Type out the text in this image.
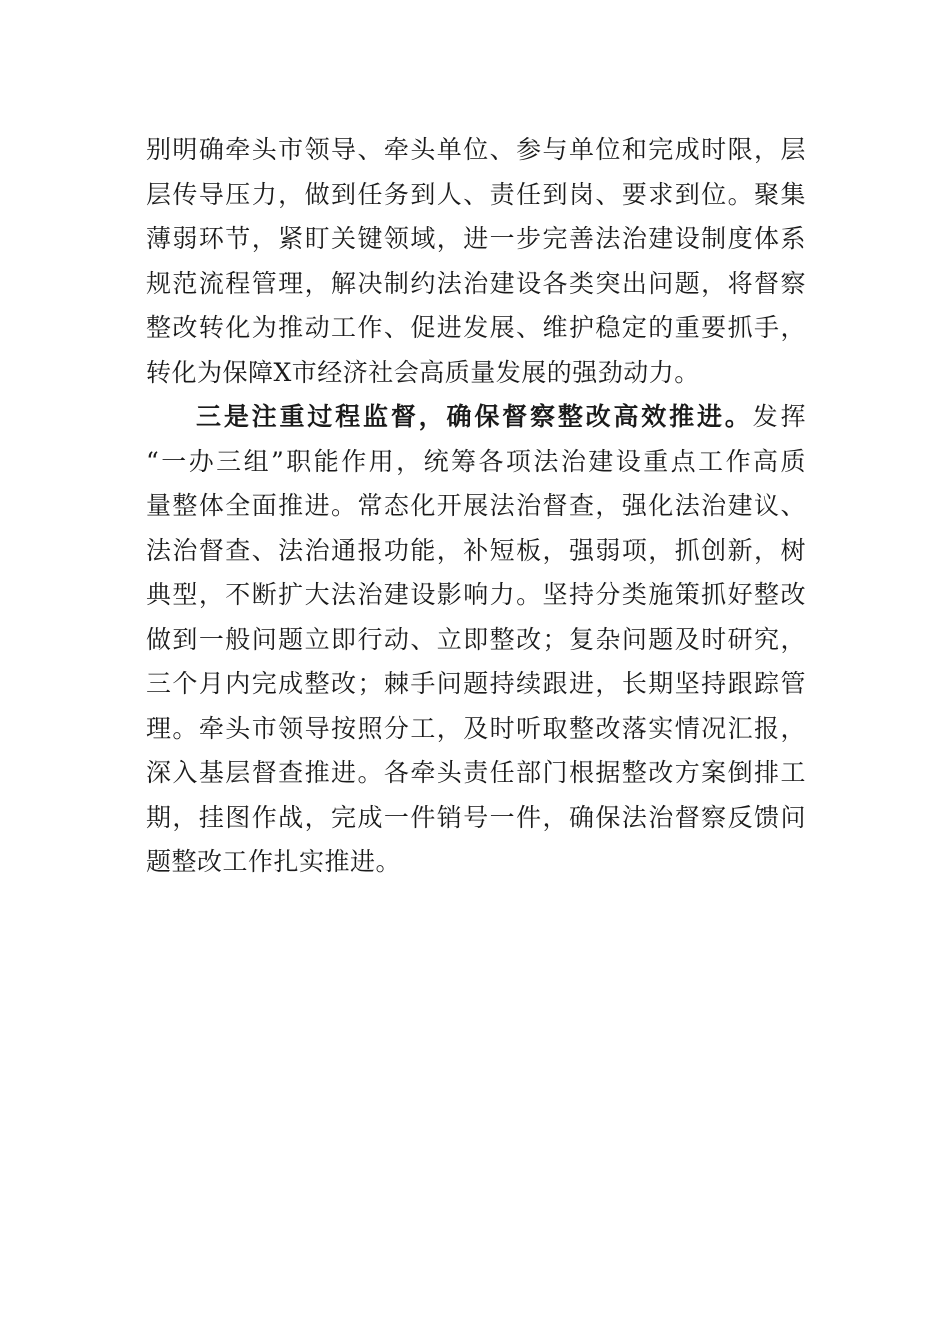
别明确牵头市领导、牵头单位、参与单位和完成时限，层
层传导压力，做到任务到人、责任到岗、要求到位。聚集
薄弱环节，紧盯关键领域，进一步完善法治建设制度体系
规范流程管理，解决制约法治建设各类突出问题，将督察
整改转化为推动工作、促进发展、维护稳定的重要抓手，
转化为保障X市经济社会高质量发展的强劲动力。
三是注重过程监督，确保督察整改高效推进。发挥
“一办三组”职能作用，统筹各项法治建设重点工作高质
量整体全面推进。常态化开展法治督查，强化法治建议、
法治督查、法治通报功能，补短板，强弱项，抓创新，树
典型，不断扩大法治建设影响力。坚持分类施策抓好整改
做到一般问题立即行动、立即整改；复杂问题及时研究，
三个月内完成整改；棘手问题持续跟进，长期坚持跟踪管
理。牵头市领导按照分工，及时听取整改落实情况汇报，
深入基层督查推进。各牵头责任部门根据整改方案倒排工
期，挂图作战，完成一件销号一件，确保法治督察反馈问
题整改工作扎实推进。
